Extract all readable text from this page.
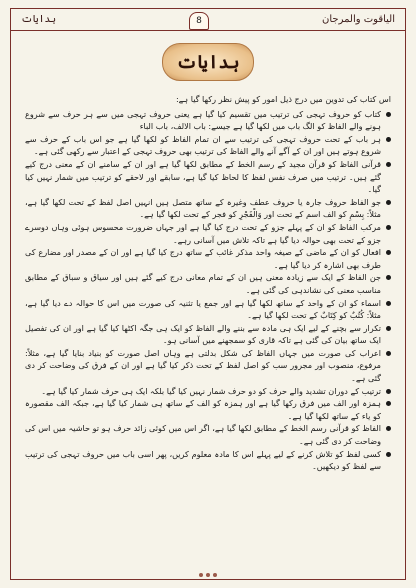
ہدایات	8	الیاقوت والمرجان
ہدایات

اس کتاب کی تدوین میں درج ذیل امور کو پیش نظر رکھا گیا ہے:

کتاب کو حروف تہجی کی ترتیب میں تقسیم کیا گیا ہے یعنی حروف تہجی میں سے ہر حرف سے شروع ہونے والے الفاظ کو الگ باب میں لکھا گیا ہے جیسے: باب الالف، باب الباء

ہر باب کے تحت حروف تہجی کی ترتیب سے ان تمام الفاظ کو لکھا گیا ہے جو اس باب کے حرف سے شروع ہوتے ہیں اور ان کے آگے آنے والے الفاظ کی ترتیب بھی حروف تہجی کے اعتبار سے رکھی گئی ہے۔

قرآنی الفاظ کو قرآن مجید کے رسم الخط کے مطابق لکھا گیا ہے اور ان کے سامنے ان کے معنی درج کیے گئے ہیں۔ ترتیب میں صرف نفس لفظ کا لحاظ کیا گیا ہے، سابقے اور لاحقے کو ترتیب میں شمار نہیں کیا گیا۔

جو الفاظ حروف جارہ یا حروف عطف وغیرہ کے ساتھ متصل ہیں انہیں اصل لفظ کے تحت لکھا گیا ہے، مثلاً: بِسْمِ کو الف اسم کے تحت اور وَالْفَجْرِ کو فجر کے تحت لکھا گیا ہے۔

مرکب الفاظ کو ان کے پہلے جزو کے تحت درج کیا گیا ہے اور جہاں ضرورت محسوس ہوئی وہاں دوسرے جزو کے تحت بھی حوالہ دیا گیا ہے تاکہ تلاش میں آسانی رہے۔

افعال کو ان کے ماضی کے صیغہ واحد مذکر غائب کے ساتھ درج کیا گیا ہے اور ان کے مصدر اور مضارع کی طرف بھی اشارہ کر دیا گیا ہے۔

جن الفاظ کے ایک سے زیادہ معنی ہیں ان کے تمام معانی درج کیے گئے ہیں اور سیاق و سباق کے مطابق مناسب معنی کی نشاندہی کی گئی ہے۔

اسماء کو ان کے واحد کے ساتھ لکھا گیا ہے اور جمع یا تثنیہ کی صورت میں اس کا حوالہ دے دیا گیا ہے، مثلاً: كُتُبٌ کو كِتَابٌ کے تحت لکھا گیا ہے۔

تکرار سے بچنے کے لیے ایک ہی مادہ سے بننے والے الفاظ کو ایک ہی جگہ اکٹھا کیا گیا ہے اور ان کی تفصیل ایک ساتھ بیان کی گئی ہے تاکہ قاری کو سمجھنے میں آسانی ہو۔

اعراب کی صورت میں جہاں الفاظ کی شکل بدلتی ہے وہاں اصل صورت کو بنیاد بنایا گیا ہے، مثلاً: مرفوع، منصوب اور مجرور سب کو اصل لفظ کے تحت ذکر کیا گیا ہے اور ان کے فرق کی وضاحت کر دی گئی ہے۔

ترتیب کے دوران تشدید والے حرف کو دو حرف شمار نہیں کیا گیا بلکہ ایک ہی حرف شمار کیا گیا ہے۔

ہمزہ اور الف میں فرق رکھا گیا ہے اور ہمزہ کو الف کے ساتھ ہی شمار کیا گیا ہے، جبکہ الف مقصورہ کو یاء کے ساتھ لکھا گیا ہے۔

الفاظ کو قرآنی رسم الخط کے مطابق لکھا گیا ہے، اگر اس میں کوئی زائد حرف ہو تو حاشیہ میں اس کی وضاحت کر دی گئی ہے۔

کسی لفظ کو تلاش کرنے کے لیے پہلے اس کا مادہ معلوم کریں، پھر اسی باب میں حروف تہجی کی ترتیب سے لفظ کو دیکھیں۔
